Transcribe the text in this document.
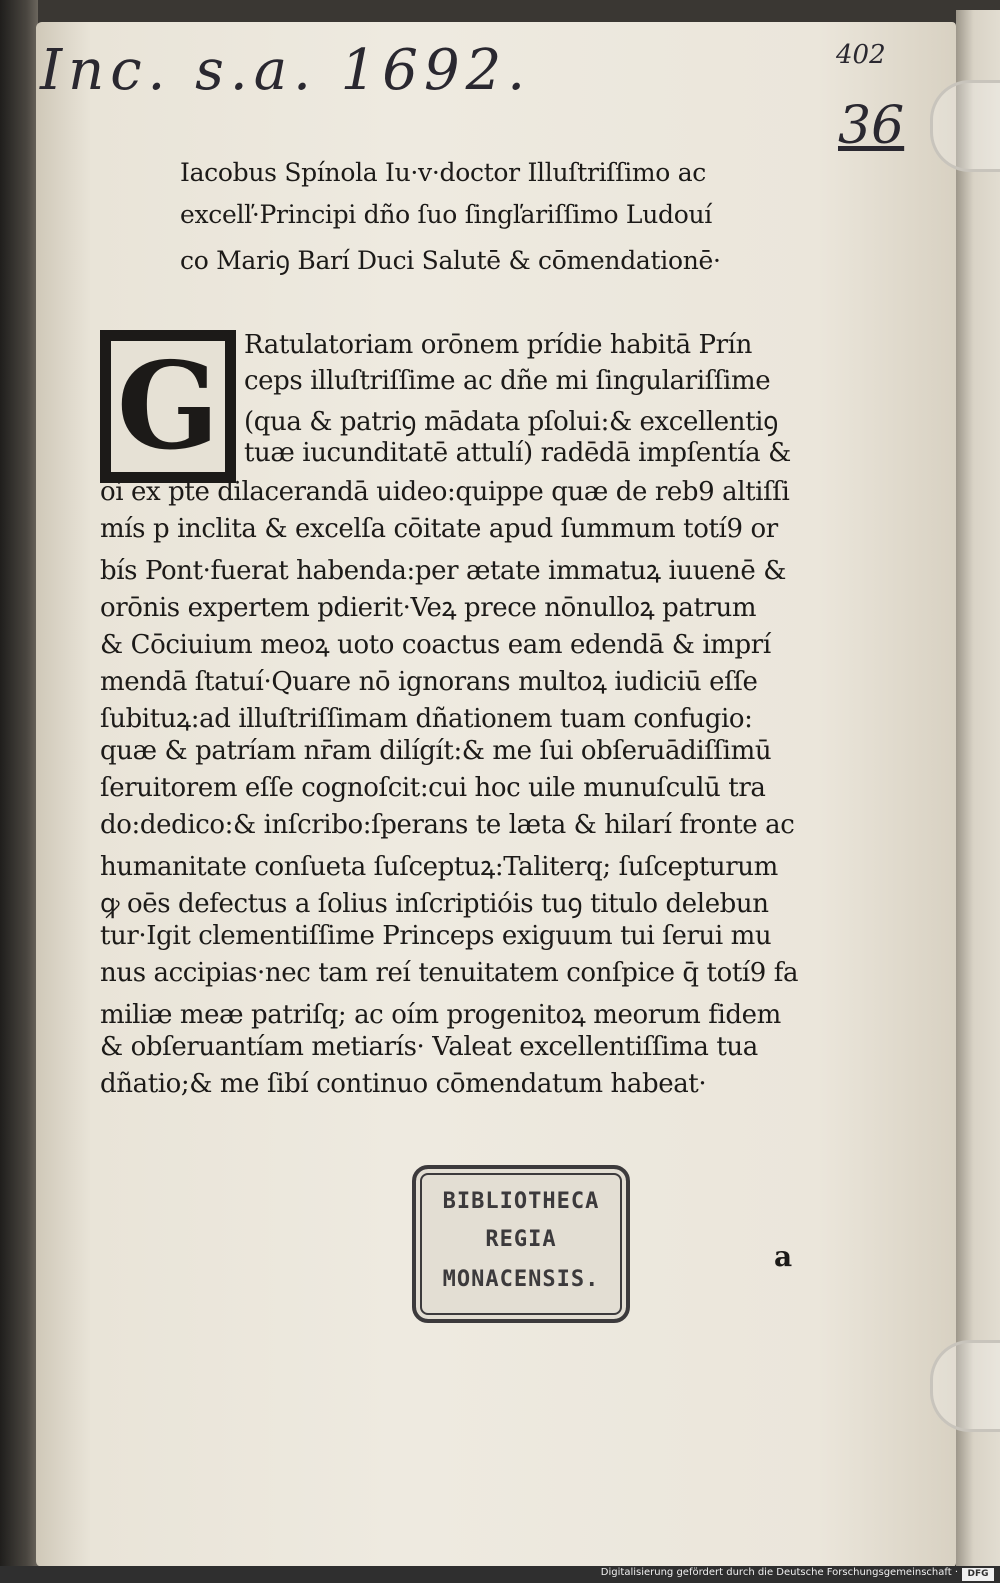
Inc. s.a. 1692.	402
36
Iacobus Spínola Iu·v·doctor Illuſtriſſimo ac
excelľ·Principi dño ſuo ſingľariſſimo Ludouí
co Mariꝯ Barí Duci Salutē & cōmendationē·
G Ratulatoriam orōnem prídie habitā Prín
ceps illuſtriſſime ac dñe mi ſingulariſſime
(qua & patriꝯ mādata pſolui:& excellentiꝯ
tuæ iucunditatē attulí) radēdā impſentía &
oí ex pte dilacerandā uideo:quippe quæ de reb9 altiſſi
mís p inclita & excelſa cōitate apud ſummum totí9 or
bís Pont·fuerat habenda:per ætate immatuꝝ iuuenē &
orōnis expertem pdierit·Veꝝ prece nōnulloꝝ patrum
& Cōciuium meoꝝ uoto coactus eam edendā & imprí
mendā ſtatuí·Quare nō ignorans multoꝝ iudiciū eſſe
ſubituꝝ:ad illuſtriſſimam dñationem tuam confugio:
quæ & patríam nr̄am dilígít:& me ſui obſeruādiſſimū
ſeruitorem eſſe cognoſcit:cui hoc uile munuſculū tra
do:dedico:& inſcribo:ſperans te læta & hilarí fronte ac
humanitate conſueta ſuſceptuꝝ:Taliterq; ſuſcepturum
ꝙ oēs defectus a ſolius inſcriptióis tuꝯ titulo delebun
tur·Igit clementiſſime Princeps exiguum tui ſerui mu
nus accipias·nec tam reí tenuitatem conſpice q̄ totí9 fa
miliæ meæ patriſq; ac oím progenitoꝝ meorum fidem
& obſeruantíam metiarís· Valeat excellentiſſima tua
dñatio;& me ſibí continuo cōmendatum habeat·
BIBLIOTHECA
REGIA
MONACENSIS.
a
Digitalisierung gefördert durch die Deutsche Forschungsgemeinschaft ·	DFG
